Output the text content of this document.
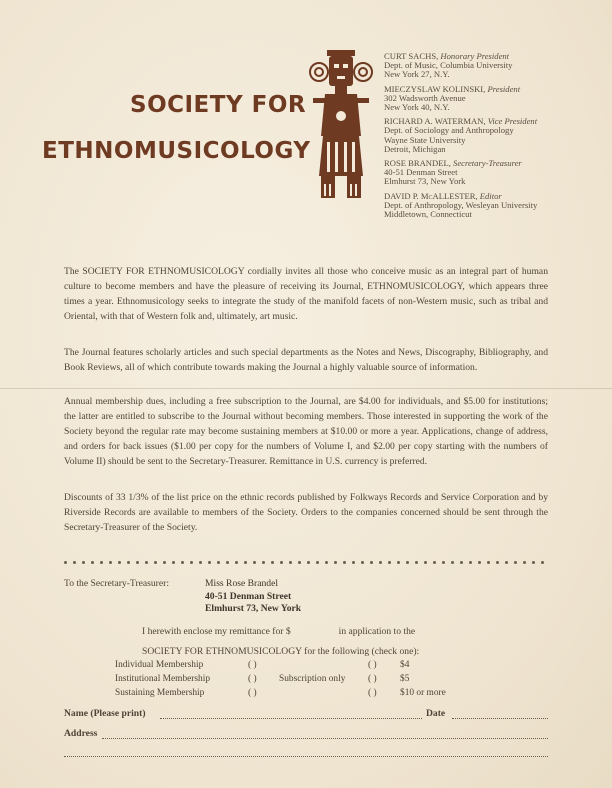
SOCIETY FOR
ETHNOMUSICOLOGY
CURT SACHS, Honorary President
Dept. of Music, Columbia University
New York 27, N.Y.
MIECZYSLAW KOLINSKI, President
302 Wadsworth Avenue
New York 40, N.Y.
RICHARD A. WATERMAN, Vice President
Dept. of Sociology and Anthropology
Wayne State University
Detroit, Michigan
ROSE BRANDEL, Secretary-Treasurer
40-51 Denman Street
Elmhurst 73, New York
DAVID P. McALLESTER, Editor
Dept. of Anthropology, Wesleyan University
Middletown, Connecticut
The SOCIETY FOR ETHNOMUSICOLOGY cordially invites all those who conceive music as an integral part of human culture to become members and have the pleasure of receiving its Journal, ETHNOMUSICOLOGY, which appears three times a year. Ethnomusicology seeks to integrate the study of the manifold facets of non-Western music, such as tribal and Oriental, with that of Western folk and, ultimately, art music.
The Journal features scholarly articles and such special departments as the Notes and News, Discography, Bibliography, and Book Reviews, all of which contribute towards making the Journal a highly valuable source of information.
Annual membership dues, including a free subscription to the Journal, are $4.00 for individuals, and $5.00 for institutions; the latter are entitled to subscribe to the Journal without becoming members. Those interested in supporting the work of the Society beyond the regular rate may become sustaining members at $10.00 or more a year. Applications, change of address, and orders for back issues ($1.00 per copy for the numbers of Volume I, and $2.00 per copy starting with the numbers of Volume II) should be sent to the Secretary-Treasurer. Remittance in U.S. currency is preferred.
Discounts of 33 1/3% of the list price on the ethnic records published by Folkways Records and Service Corporation and by Riverside Records are available to members of the Society. Orders to the companies concerned should be sent through the Secretary-Treasurer of the Society.
To the Secretary-Treasurer:	Miss Rose Brandel
40-51 Denman Street
Elmhurst 73, New York
I herewith enclose my remittance for $	in application to the
SOCIETY FOR ETHNOMUSICOLOGY for the following (check one):
Individual Membership	( )	( ) $4
Institutional Membership	( ) Subscription only ( ) $5
Sustaining Membership	( )	( ) $10 or more
Name (Please print)	Date
Address
